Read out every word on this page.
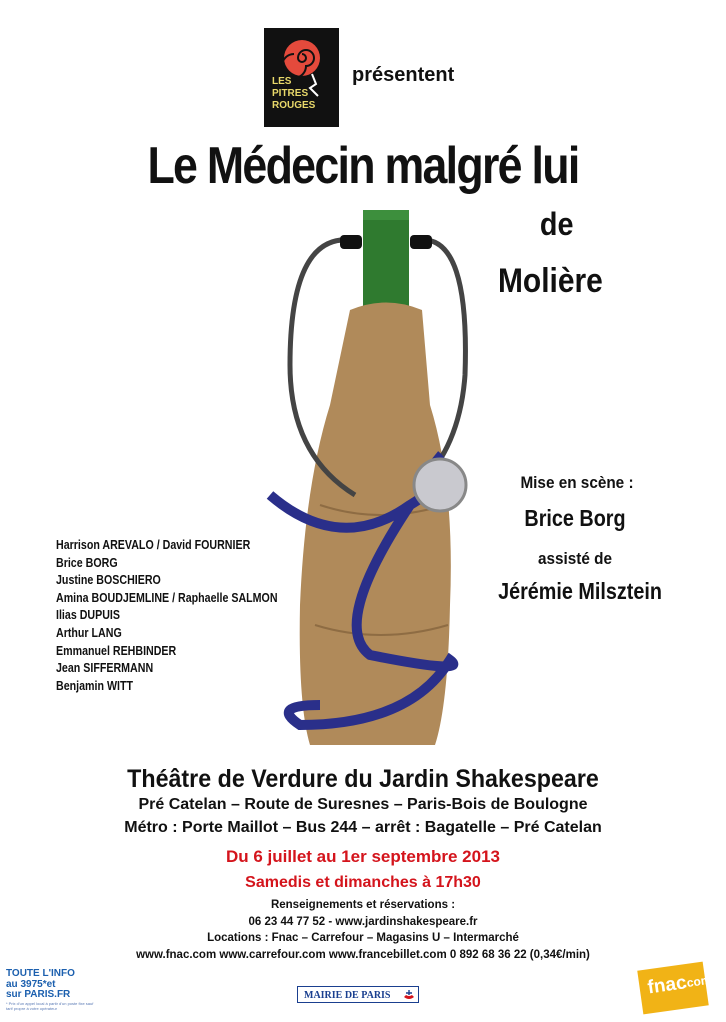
LES
PITRES
ROUGES
présentent
Le Médecin malgré lui
de
Molière
Mise en scène :
Brice Borg
assisté de
Jérémie Milsztein
Harrison AREVALO / David FOURNIER
Brice BORG
Justine BOSCHIERO
Amina BOUDJEMLINE / Raphaelle SALMON
Ilias DUPUIS
Arthur LANG
Emmanuel REHBINDER
Jean SIFFERMANN
Benjamin WITT
Théâtre de Verdure du Jardin Shakespeare
Pré Catelan – Route de Suresnes – Paris-Bois de Boulogne
Métro : Porte Maillot – Bus 244 – arrêt : Bagatelle – Pré Catelan
Du 6 juillet au 1er septembre 2013
Samedis et dimanches à 17h30
Renseignements et réservations :
06 23 44 77 52 - www.jardinshakespeare.fr
Locations : Fnac – Carrefour – Magasins U – Intermarché
www.fnac.com www.carrefour.com www.francebillet.com 0 892 68 36 22 (0,34€/min)
TOUTE L'INFO
au 3975*et
sur PARIS.FR
* Prix d'un appel local à partir d'un poste fixe sauf tarif propre à votre opérateur
MAIRIE DE PARIS	fnac
.com
